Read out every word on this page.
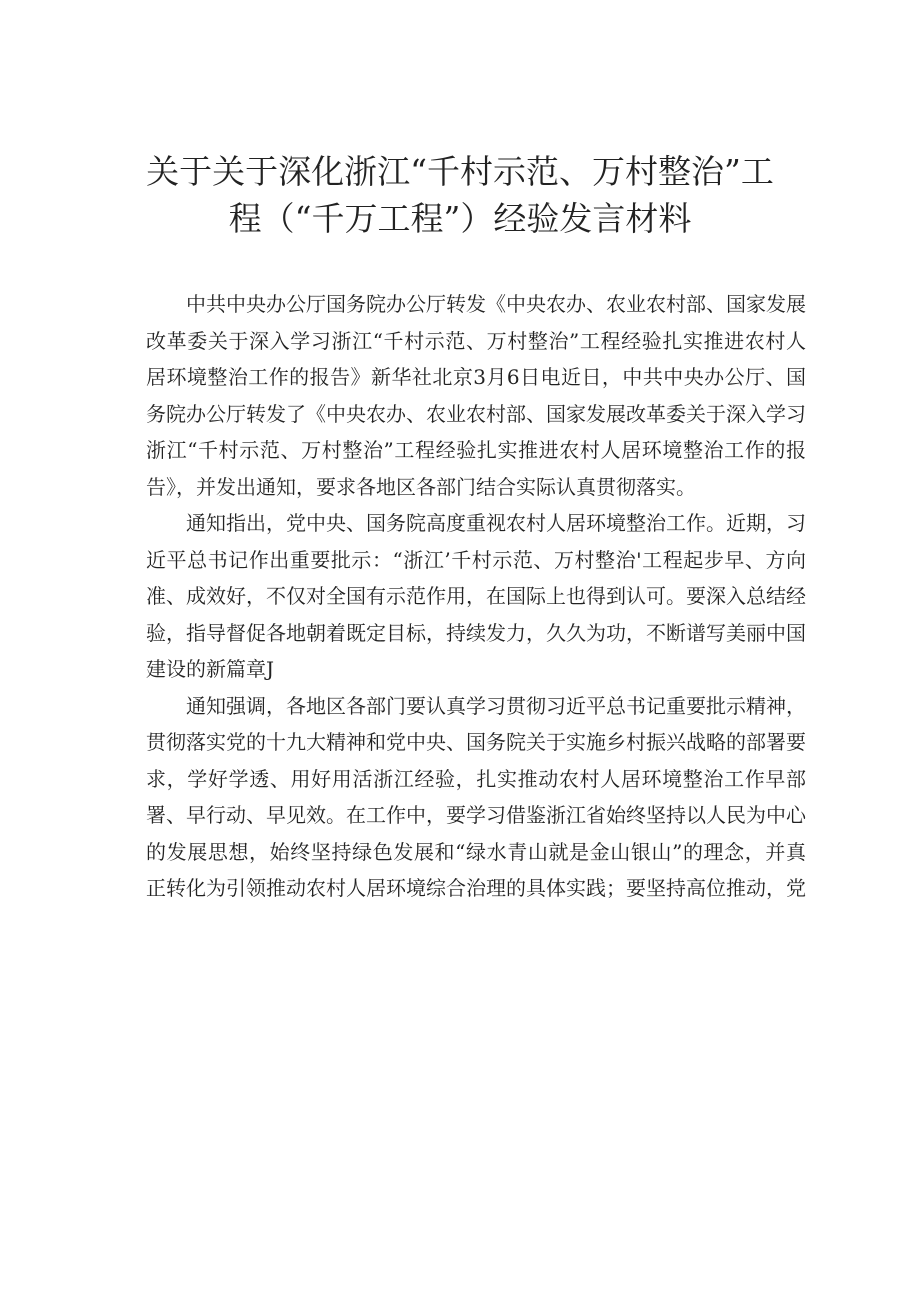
关于关于深化浙江“千村示范、万村整治”工
程（“千万工程”）经验发言材料

中共中央办公厅国务院办公厅转发《中央农办、农业农村部、国家发展改革委关于深入学习浙江“千村示范、万村整治”工程经验扎实推进农村人居环境整治工作的报告》新华社北京3月6日电近日，中共中央办公厅、国务院办公厅转发了《中央农办、农业农村部、国家发展改革委关于深入学习浙江“千村示范、万村整治”工程经验扎实推进农村人居环境整治工作的报告》，并发出通知，要求各地区各部门结合实际认真贯彻落实。

通知指出，党中央、国务院高度重视农村人居环境整治工作。近期，习近平总书记作出重要批示：“浙江’千村示范、万村整治'工程起步早、方向准、成效好，不仅对全国有示范作用，在国际上也得到认可。要深入总结经验，指导督促各地朝着既定目标，持续发力，久久为功，不断谱写美丽中国建设的新篇章J

通知强调，各地区各部门要认真学习贯彻习近平总书记重要批示精神，贯彻落实党的十九大精神和党中央、国务院关于实施乡村振兴战略的部署要求，学好学透、用好用活浙江经验，扎实推动农村人居环境整治工作早部署、早行动、早见效。在工作中，要学习借鉴浙江省始终坚持以人民为中心的发展思想，始终坚持绿色发展和“绿水青山就是金山银山”的理念，并真正转化为引领推动农村人居环境综合治理的具体实践；要坚持高位推动，党
